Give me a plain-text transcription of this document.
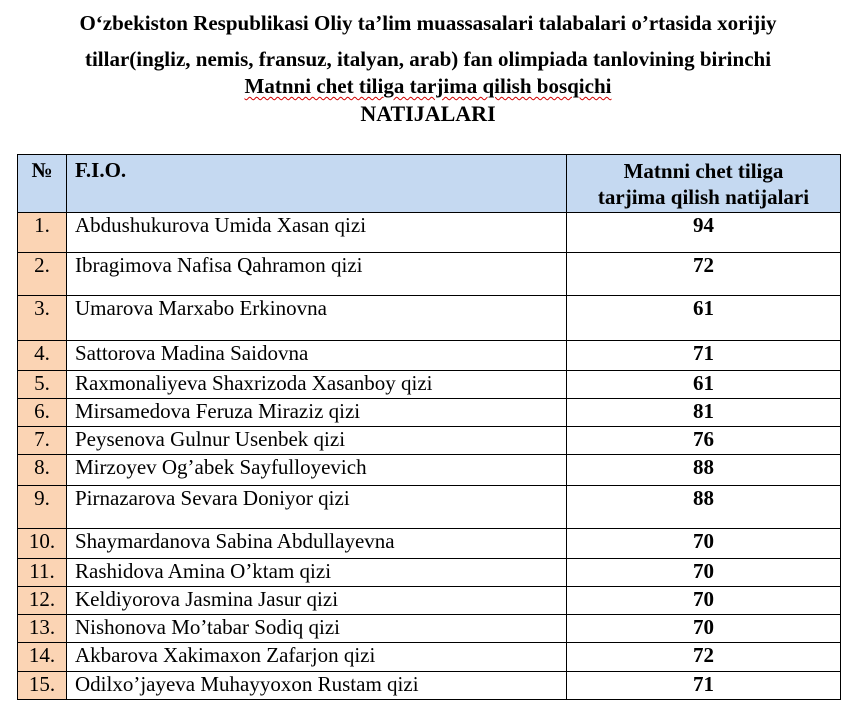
O‘zbekiston Respublikasi Oliy ta’lim muassasalari talabalari o’rtasida xorijiy
tillar(ingliz, nemis, fransuz, italyan, arab) fan olimpiada tanlovining birinchi
Matnni chet tiliga tarjima qilish bosqichi
NATIJALARI
№	F.I.O.	Matnni chet tiliga
tarjima qilish natijalari

1.	Abdushukurova Umida Xasan qizi	94
2.	Ibragimova Nafisa Qahramon qizi	72
3.	Umarova Marxabo Erkinovna	61
4.	Sattorova Madina Saidovna	71
5.	Raxmonaliyeva Shaxrizoda Xasanboy qizi	61
6.	Mirsamedova Feruza Miraziz qizi	81
7.	Peysenova Gulnur Usenbek qizi	76
8.	Mirzoyev Og’abek Sayfulloyevich	88
9.	Pirnazarova Sevara Doniyor qizi	88
10.	Shaymardanova Sabina Abdullayevna	70
11.	Rashidova Amina O’ktam qizi	70
12.	Keldiyorova Jasmina Jasur qizi	70
13.	Nishonova Mo’tabar Sodiq qizi	70
14.	Akbarova Xakimaxon Zafarjon qizi	72
15.	Odilxo’jayeva Muhayyoxon Rustam qizi	71
